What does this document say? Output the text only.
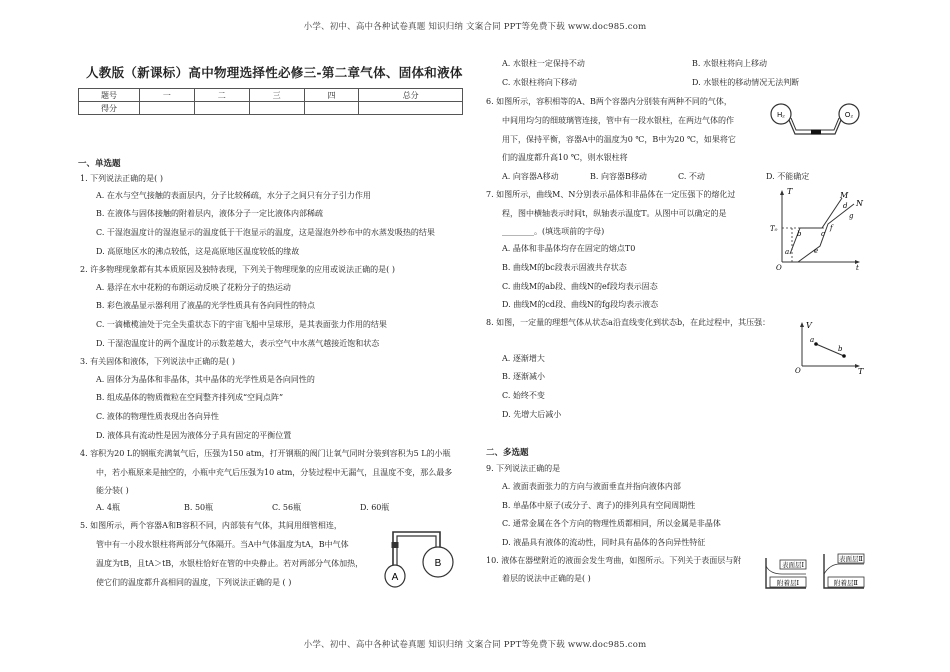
小学、初中、高中各种试卷真题 知识归纳 文案合同 PPT等免费下载 www.doc985.com
人教版（新课标）高中物理选择性必修三-第二章气体、固体和液体
题号	一	二	三	四	总分
得分					
一、单选题
1. 下列说法正确的是( )
A. 在水与空气接触的表面层内，分子比较稀疏，水分子之间只有分子引力作用
B. 在液体与固体接触的附着层内，液体分子一定比液体内部稀疏
C. 干湿泡温度计的湿泡显示的温度低于干泡显示的温度，这是湿泡外纱布中的水蒸发吸热的结果
D. 高原地区水的沸点较低，这是高原地区温度较低的缘故
2. 许多物理现象都有其本质原因及独特表现，下列关于物理现象的应用或说法正确的是( )
A. 悬浮在水中花粉的布朗运动反映了花粉分子的热运动
B. 彩色液晶显示器利用了液晶的光学性质具有各向同性的特点
C. 一滴橄榄油处于完全失重状态下的宇宙飞船中呈球形，是其表面张力作用的结果
D. 干湿泡温度计的两个温度计的示数差越大，表示空气中水蒸气越接近饱和状态
3. 有关固体和液体，下列说法中正确的是( )
A. 固体分为晶体和非晶体，其中晶体的光学性质是各向同性的
B. 组成晶体的物质微粒在空间整齐排列成“空间点阵”
C. 液体的物理性质表现出各向异性
D. 液体具有流动性是因为液体分子具有固定的平衡位置
4. 容积为20 L的钢瓶充满氧气后，压强为150 atm，打开钢瓶的阀门让氧气同时分装到容积为5 L的小瓶
中，若小瓶原来是抽空的，小瓶中充气后压强为10 atm，分装过程中无漏气，且温度不变，那么最多
能分装( )
A. 4瓶	B. 50瓶	C. 56瓶	D. 60瓶
5. 如图所示，两个容器A和B容积不同，内部装有气体，其间用细管相连，
管中有一小段水银柱将两部分气体隔开。当A中气体温度为tA，B中气体
温度为tB，且tA＞tB，水银柱恰好在管的中央静止。若对两部分气体加热，
使它们的温度都升高相同的温度，下列说法正确的是 ( )	A
B
A. 水银柱一定保持不动	B. 水银柱将向上移动
C. 水银柱将向下移动	D. 水银柱的移动情况无法判断
6. 如图所示，容积相等的A、B两个容器内分别装有两种不同的气体，
中间用均匀的细玻璃管连接，管中有一段水银柱，在两边气体的作
用下，保持平衡，容器A中的温度为0 ℃，B中为20 ℃，如果将它
们的温度都升高10 ℃，则水银柱将
A. 向容器A移动	B. 向容器B移动	C. 不动	D. 不能确定
H₂	O₂
7. 如图所示，曲线M、N分别表示晶体和非晶体在一定压强下的熔化过
程，图中横轴表示时间t，纵轴表示温度T。从图中可以确定的是
________。(填选项前的字母)
A. 晶体和非晶体均存在固定的熔点T0
B. 曲线M的bc段表示固液共存状态
C. 曲线M的ab段、曲线N的ef段均表示固态
D. 曲线M的cd段、曲线N的fg段均表示液态
T
T₀
O	t
M
N
a
b	c
d
e
f
g
8. 如图，一定量的理想气体从状态a沿直线变化到状态b，在此过程中，其压强：
A. 逐渐增大
B. 逐渐减小
C. 始终不变
D. 先增大后减小
V
O	T
a
b
二、多选题
9. 下列说法正确的是
A. 液面表面张力的方向与液面垂直并指向液体内部
B. 单晶体中原子(或分子、离子)的排列具有空间周期性
C. 通常金属在各个方向的物理性质都相同，所以金属是非晶体
D. 液晶具有液体的流动性，同时具有晶体的各向异性特征
10. 液体在器壁附近的液面会发生弯曲，如图所示。下列关于表面层与附
着层的说法中正确的是( )
表面层Ⅰ
附着层Ⅰ
表面层Ⅱ
附着层Ⅱ
小学、初中、高中各种试卷真题 知识归纳 文案合同 PPT等免费下载 www.doc985.com
